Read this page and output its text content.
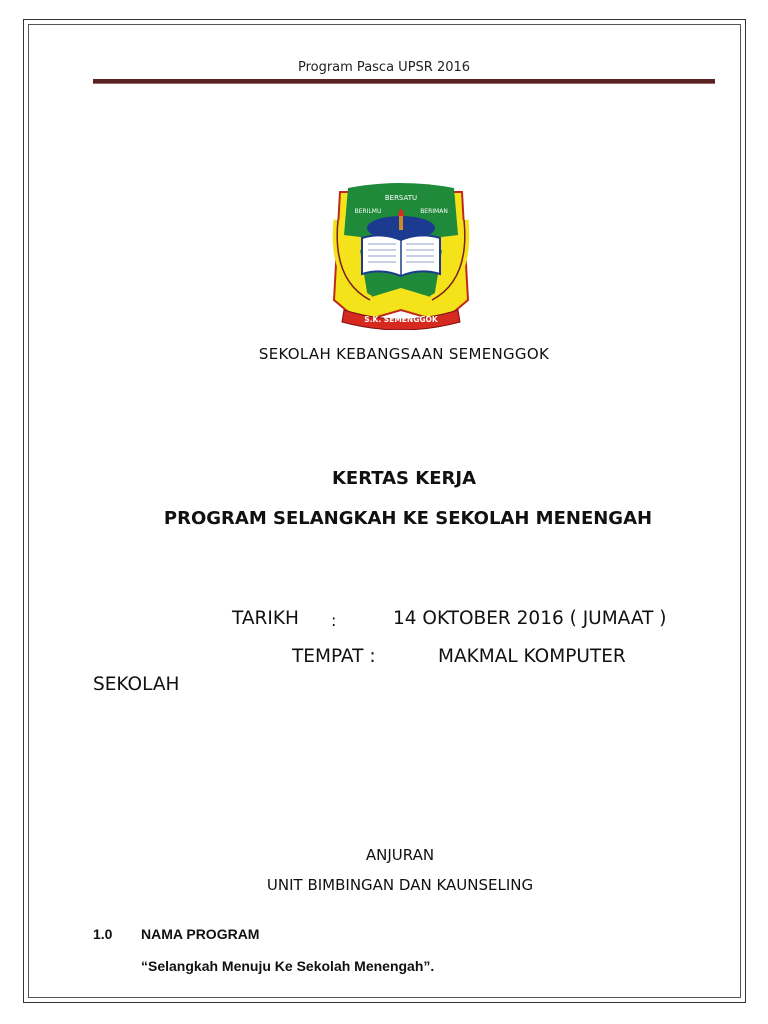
Program Pasca UPSR 2016
BERSATU
BERILMU	BERIMAN
S.K. SEMENGGOK
SEKOLAH KEBANGSAAN SEMENGGOK
KERTAS KERJA
PROGRAM SELANGKAH KE SEKOLAH MENENGAH
TARIKH :	14 OKTOBER 2016 ( JUMAAT )
TEMPAT :	MAKMAL KOMPUTER
SEKOLAH
ANJURAN
UNIT BIMBINGAN DAN KAUNSELING
1.0 NAMA PROGRAM
“Selangkah Menuju Ke Sekolah Menengah”.
